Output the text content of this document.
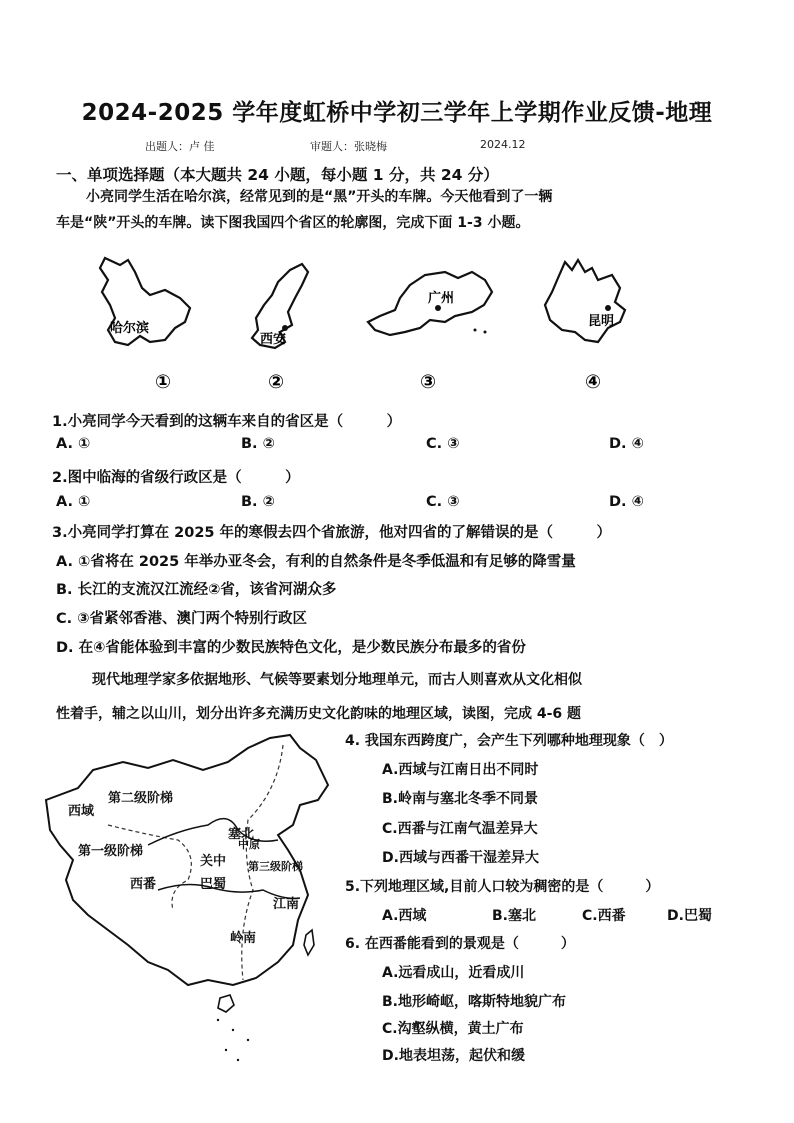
2024-2025 学年度虹桥中学初三学年上学期作业反馈-地理
出题人：卢 佳	审题人：张晓梅	2024.12
一、单项选择题（本大题共 24 小题，每小题 1 分，共 24 分）
小亮同学生活在哈尔滨，经常见到的是“黑”开头的车牌。今天他看到了一辆
车是“陕”开头的车牌。读下图我国四个省区的轮廓图，完成下面 1-3 小题。
哈尔滨
西安
广州
昆明
①	②	③	④
1.小亮同学今天看到的这辆车来自的省区是（　　　）
A. ①	B. ②	C. ③	D. ④
2.图中临海的省级行政区是（　　　）
A. ①	B. ②	C. ③	D. ④
3.小亮同学打算在 2025 年的寒假去四个省旅游，他对四省的了解错误的是（　　　）
A. ①省将在 2025 年举办亚冬会，有利的自然条件是冬季低温和有足够的降雪量
B. 长江的支流汉江流经②省，该省河湖众多
C. ③省紧邻香港、澳门两个特别行政区
D. 在④省能体验到丰富的少数民族特色文化，是少数民族分布最多的省份
现代地理学家多依据地形、气候等要素划分地理单元，而古人则喜欢从文化相似
性着手，辅之以山川，划分出许多充满历史文化韵味的地理区域，读图，完成 4-6 题
西域
第二级阶梯
塞北
第一级阶梯	中原
关中 第三级阶梯
巴蜀
西番
江南
岭南
4. 我国东西跨度广，会产生下列哪种地理现象（　）
A.西域与江南日出不同时
B.岭南与塞北冬季不同景
C.西番与江南气温差异大
D.西域与西番干湿差异大
5.下列地理区域,目前人口较为稠密的是（　　　）
A.西域	B.塞北	C.西番	D.巴蜀
6. 在西番能看到的景观是（　　　）
A.远看成山，近看成川
B.地形崎岖，喀斯特地貌广布
C.沟壑纵横，黄土广布
D.地表坦荡，起伏和缓
